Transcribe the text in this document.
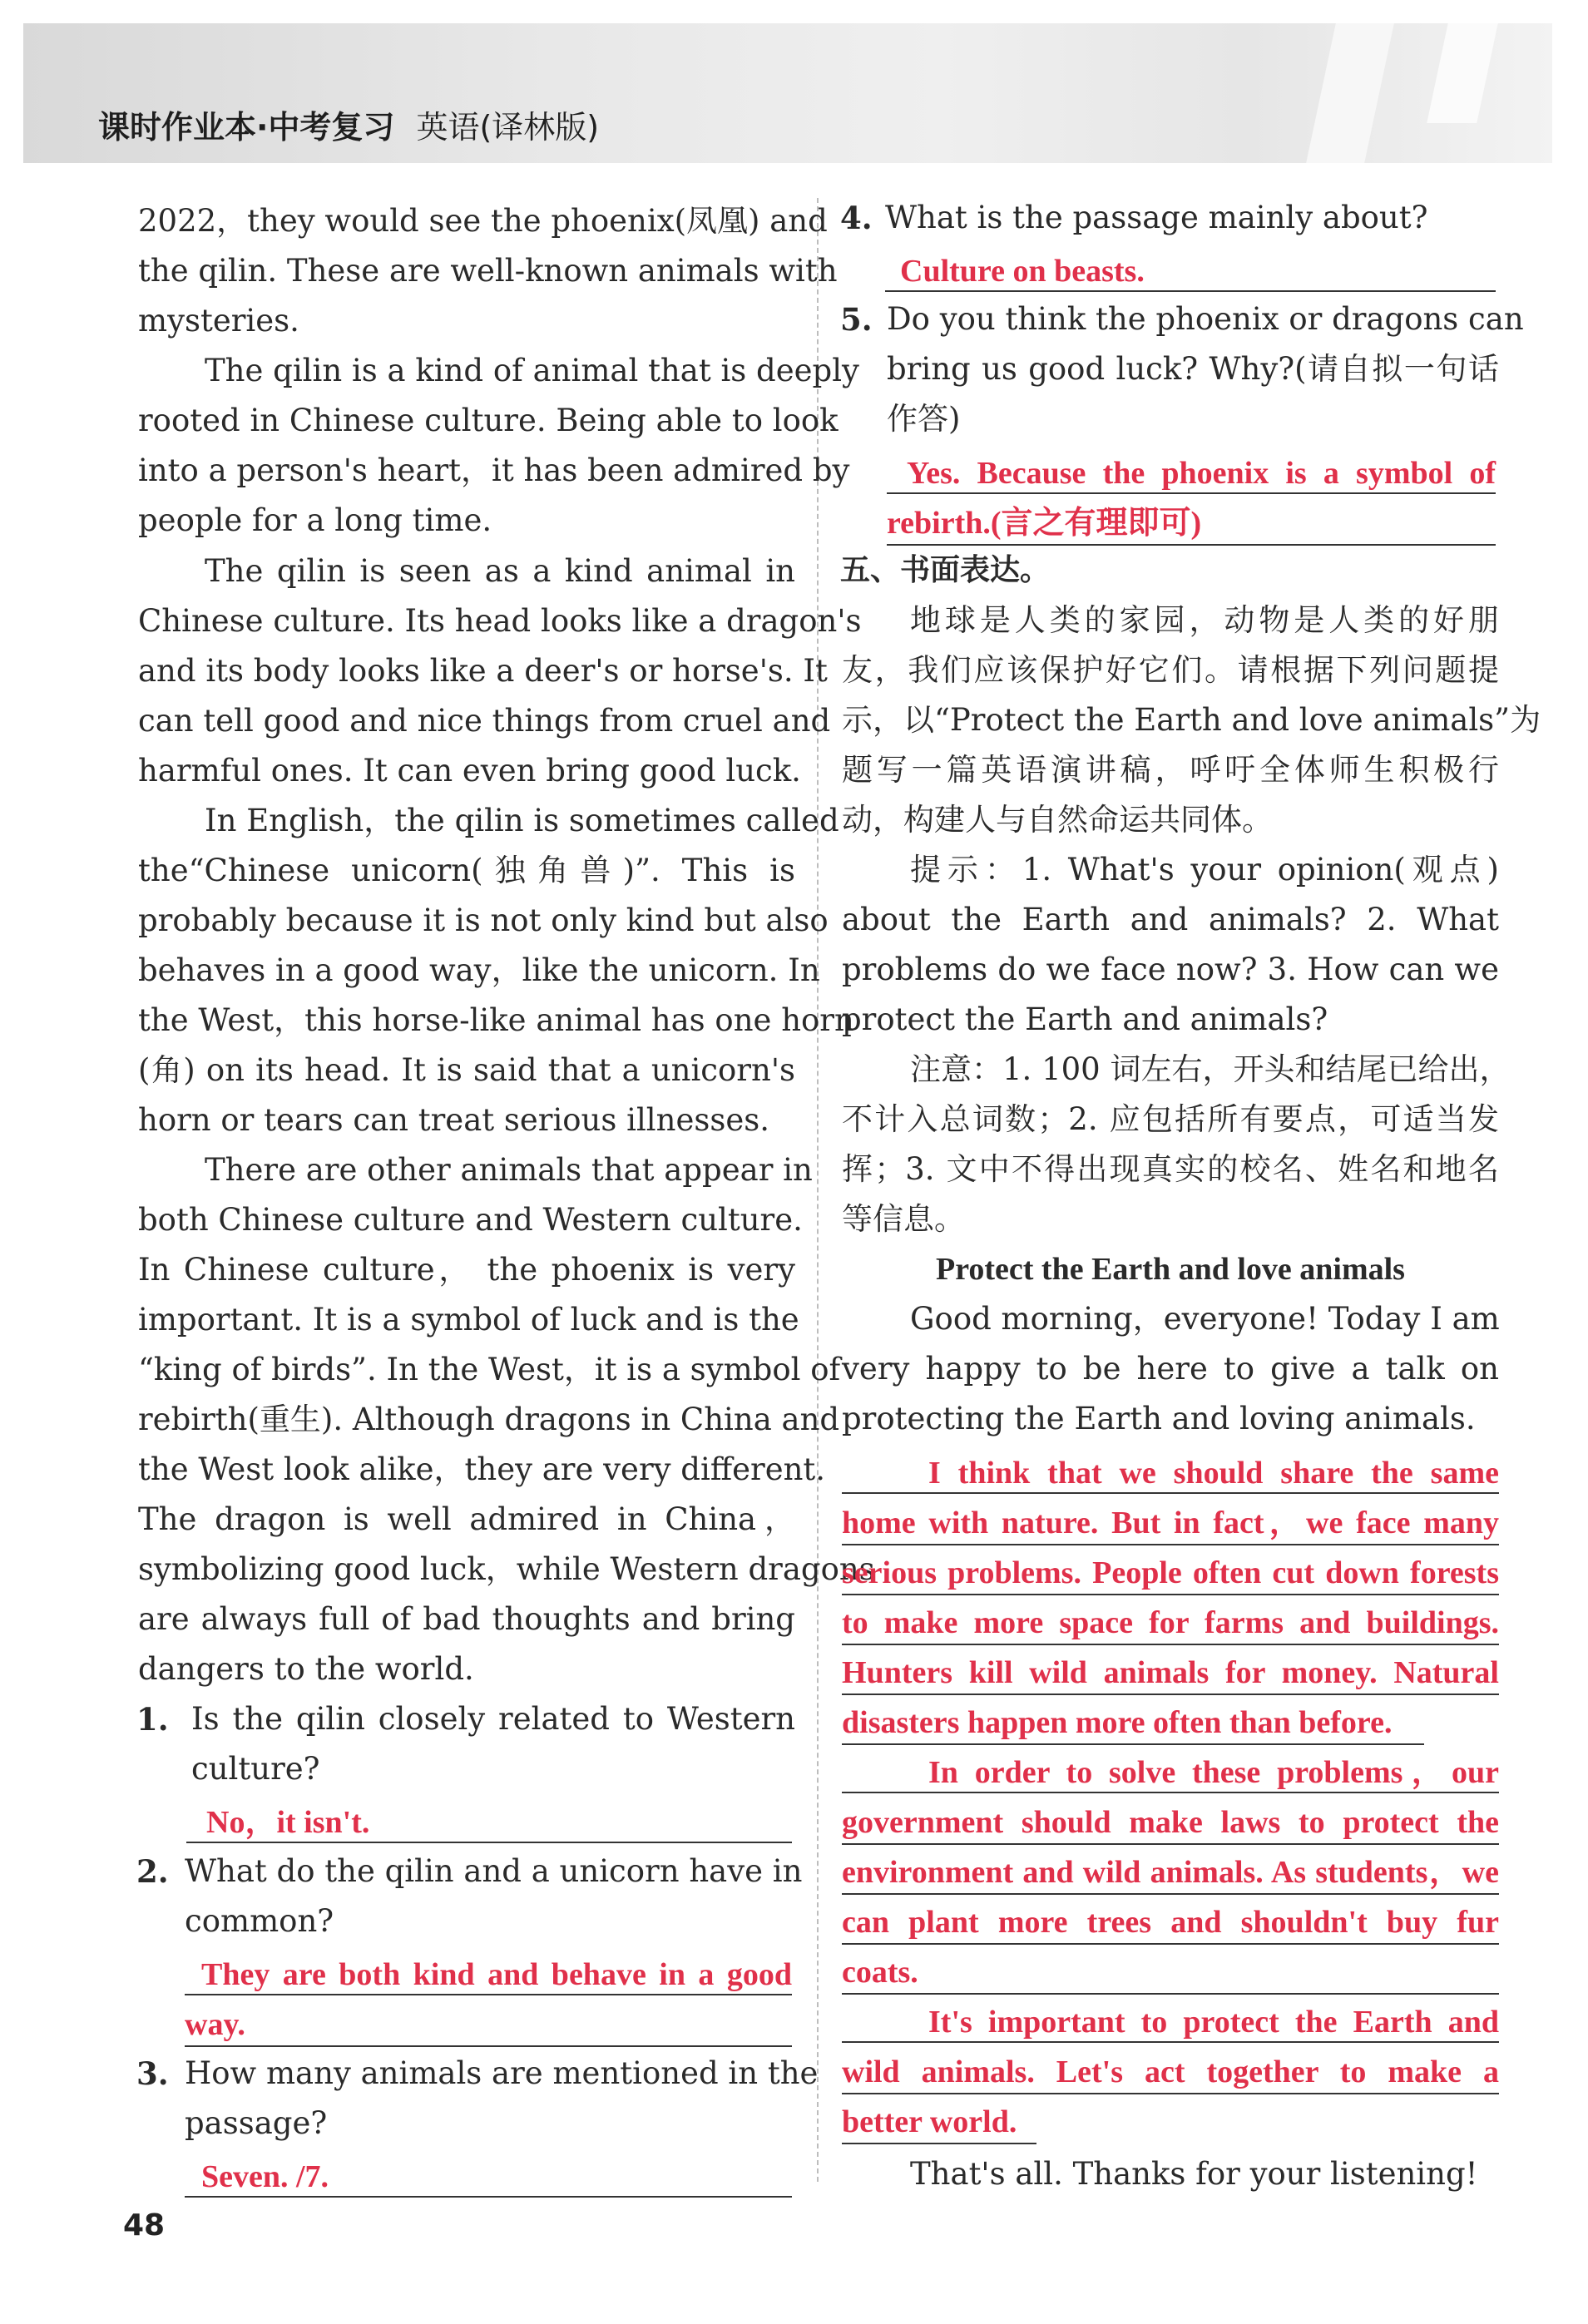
课时作业本·中考复习 英语(译林版)
2022，they would see the phoenix(凤凰) and
the qilin. These are well-known animals with
mysteries.
The qilin is a kind of animal that is deeply
rooted in Chinese culture. Being able to look
into a person's heart，it has been admired by
people for a long time.
The qilin is seen as a kind animal in
Chinese culture. Its head looks like a dragon's
and its body looks like a deer's or horse's. It
can tell good and nice things from cruel and
harmful ones. It can even bring good luck.
In English，the qilin is sometimes called
the“Chinese unicorn(独角兽)”. This is
probably because it is not only kind but also
behaves in a good way，like the unicorn. In
the West，this horse-like animal has one horn
(角) on its head. It is said that a unicorn's
horn or tears can treat serious illnesses.
There are other animals that appear in
both Chinese culture and Western culture.
In Chinese culture， the phoenix is very
important. It is a symbol of luck and is the
“king of birds”. In the West，it is a symbol of
rebirth(重生). Although dragons in China and
the West look alike，they are very different.
The dragon is well admired in China，
symbolizing good luck，while Western dragons
are always full of bad thoughts and bring
dangers to the world.
1. Is the qilin closely related to Western
culture?
No，it isn't.
2. What do the qilin and a unicorn have in
common?
They are both kind and behave in a good
way.
3. How many animals are mentioned in the
passage?
Seven. /7.
4. What is the passage mainly about?
Culture on beasts.
5. Do you think the phoenix or dragons can
bring us good luck? Why?(请自拟一句话
作答)
Yes. Because the phoenix is a symbol of
rebirth.(言之有理即可)
五、书面表达。
地球是人类的家园，动物是人类的好朋
友，我们应该保护好它们。请根据下列问题提
示，以“Protect the Earth and love animals”为
题写一篇英语演讲稿，呼吁全体师生积极行
动，构建人与自然命运共同体。
提示：1. What's your opinion(观点)
about the Earth and animals? 2. What
problems do we face now? 3. How can we
protect the Earth and animals?
注意：1. 100 词左右，开头和结尾已给出，
不计入总词数；2. 应包括所有要点，可适当发
挥；3. 文中不得出现真实的校名、姓名和地名
等信息。
Protect the Earth and love animals
Good morning，everyone! Today I am
very happy to be here to give a talk on
protecting the Earth and loving animals.
I think that we should share the same
home with nature. But in fact，we face many
serious problems. People often cut down forests
to make more space for farms and buildings.
Hunters kill wild animals for money. Natural
disasters happen more often than before.
In order to solve these problems，our
government should make laws to protect the
environment and wild animals. As students，we
can plant more trees and shouldn't buy fur
coats.
It's important to protect the Earth and
wild animals. Let's act together to make a
better world.
That's all. Thanks for your listening!
48
